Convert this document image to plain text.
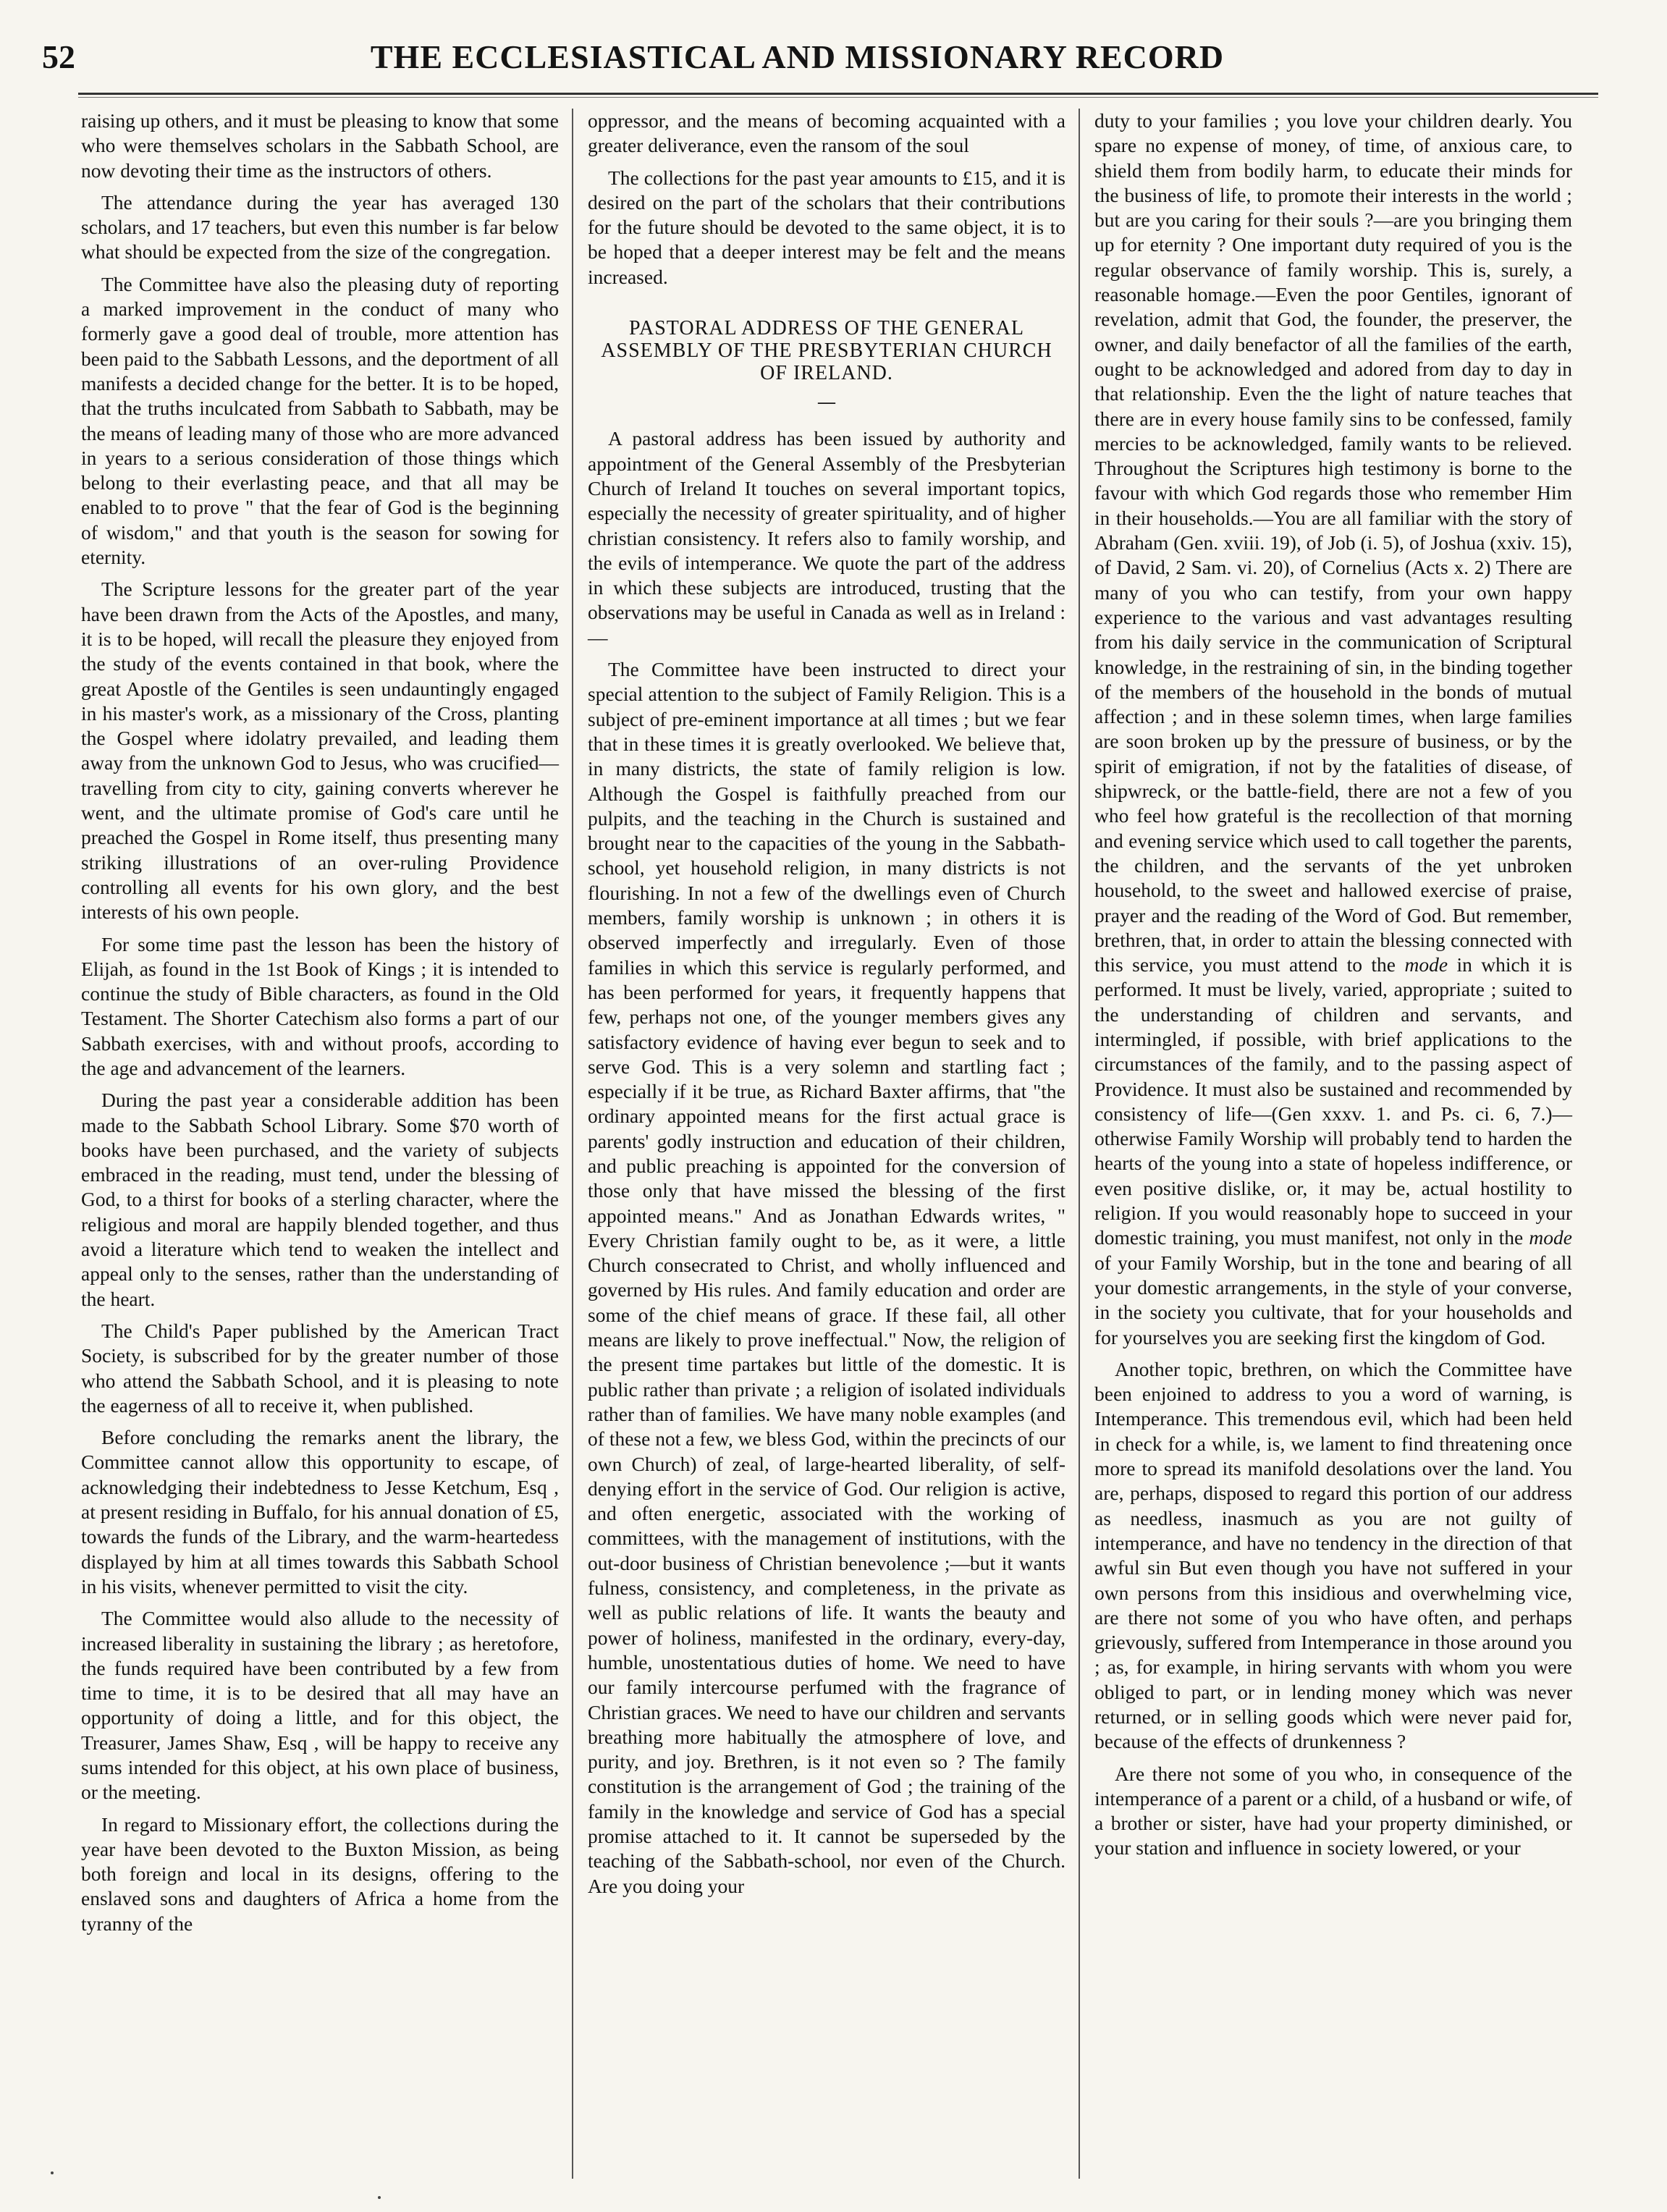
52	THE ECCLESIASTICAL AND MISSIONARY RECORD

raising up others, and it must be pleasing to know that some who were themselves scholars in the Sabbath School, are now devoting their time as the instructors of others.

The attendance during the year has averaged 130 scholars, and 17 teachers, but even this number is far below what should be expected from the size of the congregation.

The Committee have also the pleasing duty of reporting a marked improvement in the conduct of many who formerly gave a good deal of trouble, more attention has been paid to the Sabbath Lessons, and the deportment of all manifests a decided change for the better. It is to be hoped, that the truths inculcated from Sabbath to Sabbath, may be the means of leading many of those who are more advanced in years to a serious consideration of those things which belong to their everlasting peace, and that all may be enabled to to prove " that the fear of God is the beginning of wisdom," and that youth is the season for sowing for eternity.

The Scripture lessons for the greater part of the year have been drawn from the Acts of the Apostles, and many, it is to be hoped, will recall the pleasure they enjoyed from the study of the events contained in that book, where the great Apostle of the Gentiles is seen undauntingly engaged in his master's work, as a missionary of the Cross, planting the Gospel where idolatry prevailed, and leading them away from the unknown God to Jesus, who was crucified—travelling from city to city, gaining converts wherever he went, and the ultimate promise of God's care until he preached the Gospel in Rome itself, thus presenting many striking illustrations of an over-ruling Providence controlling all events for his own glory, and the best interests of his own people.

For some time past the lesson has been the history of Elijah, as found in the 1st Book of Kings ; it is intended to continue the study of Bible characters, as found in the Old Testament. The Shorter Catechism also forms a part of our Sabbath exercises, with and without proofs, according to the age and advancement of the learners.

During the past year a considerable addition has been made to the Sabbath School Library. Some $70 worth of books have been purchased, and the variety of subjects embraced in the reading, must tend, under the blessing of God, to a thirst for books of a sterling character, where the religious and moral are happily blended together, and thus avoid a literature which tend to weaken the intellect and appeal only to the senses, rather than the understanding of the heart.

The Child's Paper published by the American Tract Society, is subscribed for by the greater number of those who attend the Sabbath School, and it is pleasing to note the eagerness of all to receive it, when published.

Before concluding the remarks anent the library, the Committee cannot allow this opportunity to escape, of acknowledging their indebtedness to Jesse Ketchum, Esq , at present residing in Buffalo, for his annual donation of £5, towards the funds of the Library, and the warm-heartedess displayed by him at all times towards this Sabbath School in his visits, whenever permitted to visit the city.

The Committee would also allude to the necessity of increased liberality in sustaining the library ; as heretofore, the funds required have been contributed by a few from time to time, it is to be desired that all may have an opportunity of doing a little, and for this object, the Treasurer, James Shaw, Esq , will be happy to receive any sums intended for this object, at his own place of business, or the meeting.

In regard to Missionary effort, the collections during the year have been devoted to the Buxton Mission, as being both foreign and local in its designs, offering to the enslaved sons and daughters of Africa a home from the tyranny of the

oppressor, and the means of becoming acquainted with a greater deliverance, even the ransom of the soul

The collections for the past year amounts to £15, and it is desired on the part of the scholars that their contributions for the future should be devoted to the same object, it is to be hoped that a deeper interest may be felt and the means increased.

PASTORAL ADDRESS OF THE GENERAL ASSEMBLY OF THE PRESBYTERIAN CHURCH OF IRELAND.
—

A pastoral address has been issued by authority and appointment of the General Assembly of the Presbyterian Church of Ireland It touches on several important topics, especially the necessity of greater spirituality, and of higher christian consistency. It refers also to family worship, and the evils of intemperance. We quote the part of the address in which these subjects are introduced, trusting that the observations may be useful in Canada as well as in Ireland :—

The Committee have been instructed to direct your special attention to the subject of Family Religion. This is a subject of pre-eminent importance at all times ; but we fear that in these times it is greatly overlooked. We believe that, in many districts, the state of family religion is low. Although the Gospel is faithfully preached from our pulpits, and the teaching in the Church is sustained and brought near to the capacities of the young in the Sabbath-school, yet household religion, in many districts is not flourishing. In not a few of the dwellings even of Church members, family worship is unknown ; in others it is observed imperfectly and irregularly. Even of those families in which this service is regularly performed, and has been performed for years, it frequently happens that few, perhaps not one, of the younger members gives any satisfactory evidence of having ever begun to seek and to serve God. This is a very solemn and startling fact ; especially if it be true, as Richard Baxter affirms, that "the ordinary appointed means for the first actual grace is parents' godly instruction and education of their children, and public preaching is appointed for the conversion of those only that have missed the blessing of the first appointed means." And as Jonathan Edwards writes, " Every Christian family ought to be, as it were, a little Church consecrated to Christ, and wholly influenced and governed by His rules. And family education and order are some of the chief means of grace. If these fail, all other means are likely to prove ineffectual." Now, the religion of the present time partakes but little of the domestic. It is public rather than private ; a religion of isolated individuals rather than of families. We have many noble examples (and of these not a few, we bless God, within the precincts of our own Church) of zeal, of large-hearted liberality, of self-denying effort in the service of God. Our religion is active, and often energetic, associated with the working of committees, with the management of institutions, with the out-door business of Christian benevolence ;—but it wants fulness, consistency, and completeness, in the private as well as public relations of life. It wants the beauty and power of holiness, manifested in the ordinary, every-day, humble, unostentatious duties of home. We need to have our family intercourse perfumed with the fragrance of Christian graces. We need to have our children and servants breathing more habitually the atmosphere of love, and purity, and joy. Brethren, is it not even so ? The family constitution is the arrangement of God ; the training of the family in the knowledge and service of God has a special promise attached to it. It cannot be superseded by the teaching of the Sabbath-school, nor even of the Church. Are you doing your

duty to your families ; you love your children dearly. You spare no expense of money, of time, of anxious care, to shield them from bodily harm, to educate their minds for the business of life, to promote their interests in the world ; but are you caring for their souls ?—are you bringing them up for eternity ? One important duty required of you is the regular observance of family worship. This is, surely, a reasonable homage.—Even the poor Gentiles, ignorant of revelation, admit that God, the founder, the preserver, the owner, and daily benefactor of all the families of the earth, ought to be acknowledged and adored from day to day in that relationship. Even the the light of nature teaches that there are in every house family sins to be confessed, family mercies to be acknowledged, family wants to be relieved. Throughout the Scriptures high testimony is borne to the favour with which God regards those who remember Him in their households.—You are all familiar with the story of Abraham (Gen. xviii. 19), of Job (i. 5), of Joshua (xxiv. 15), of David, 2 Sam. vi. 20), of Cornelius (Acts x. 2) There are many of you who can testify, from your own happy experience to the various and vast advantages resulting from his daily service in the communication of Scriptural knowledge, in the restraining of sin, in the binding together of the members of the household in the bonds of mutual affection ; and in these solemn times, when large families are soon broken up by the pressure of business, or by the spirit of emigration, if not by the fatalities of disease, of shipwreck, or the battle-field, there are not a few of you who feel how grateful is the recollection of that morning and evening service which used to call together the parents, the children, and the servants of the yet unbroken household, to the sweet and hallowed exercise of praise, prayer and the reading of the Word of God. But remember, brethren, that, in order to attain the blessing connected with this service, you must attend to the mode in which it is performed. It must be lively, varied, appropriate ; suited to the understanding of children and servants, and intermingled, if possible, with brief applications to the circumstances of the family, and to the passing aspect of Providence. It must also be sustained and recommended by consistency of life—(Gen xxxv. 1. and Ps. ci. 6, 7.)—otherwise Family Worship will probably tend to harden the hearts of the young into a state of hopeless indifference, or even positive dislike, or, it may be, actual hostility to religion. If you would reasonably hope to succeed in your domestic training, you must manifest, not only in the mode of your Family Worship, but in the tone and bearing of all your domestic arrangements, in the style of your converse, in the society you cultivate, that for your households and for yourselves you are seeking first the kingdom of God.

Another topic, brethren, on which the Committee have been enjoined to address to you a word of warning, is Intemperance. This tremendous evil, which had been held in check for a while, is, we lament to find threatening once more to spread its manifold desolations over the land. You are, perhaps, disposed to regard this portion of our address as needless, inasmuch as you are not guilty of intemperance, and have no tendency in the direction of that awful sin But even though you have not suffered in your own persons from this insidious and overwhelming vice, are there not some of you who have often, and perhaps grievously, suffered from Intemperance in those around you ; as, for example, in hiring servants with whom you were obliged to part, or in lending money which was never returned, or in selling goods which were never paid for, because of the effects of drunkenness ?

Are there not some of you who, in consequence of the intemperance of a parent or a child, of a husband or wife, of a brother or sister, have had your property diminished, or your station and influence in society lowered, or your
